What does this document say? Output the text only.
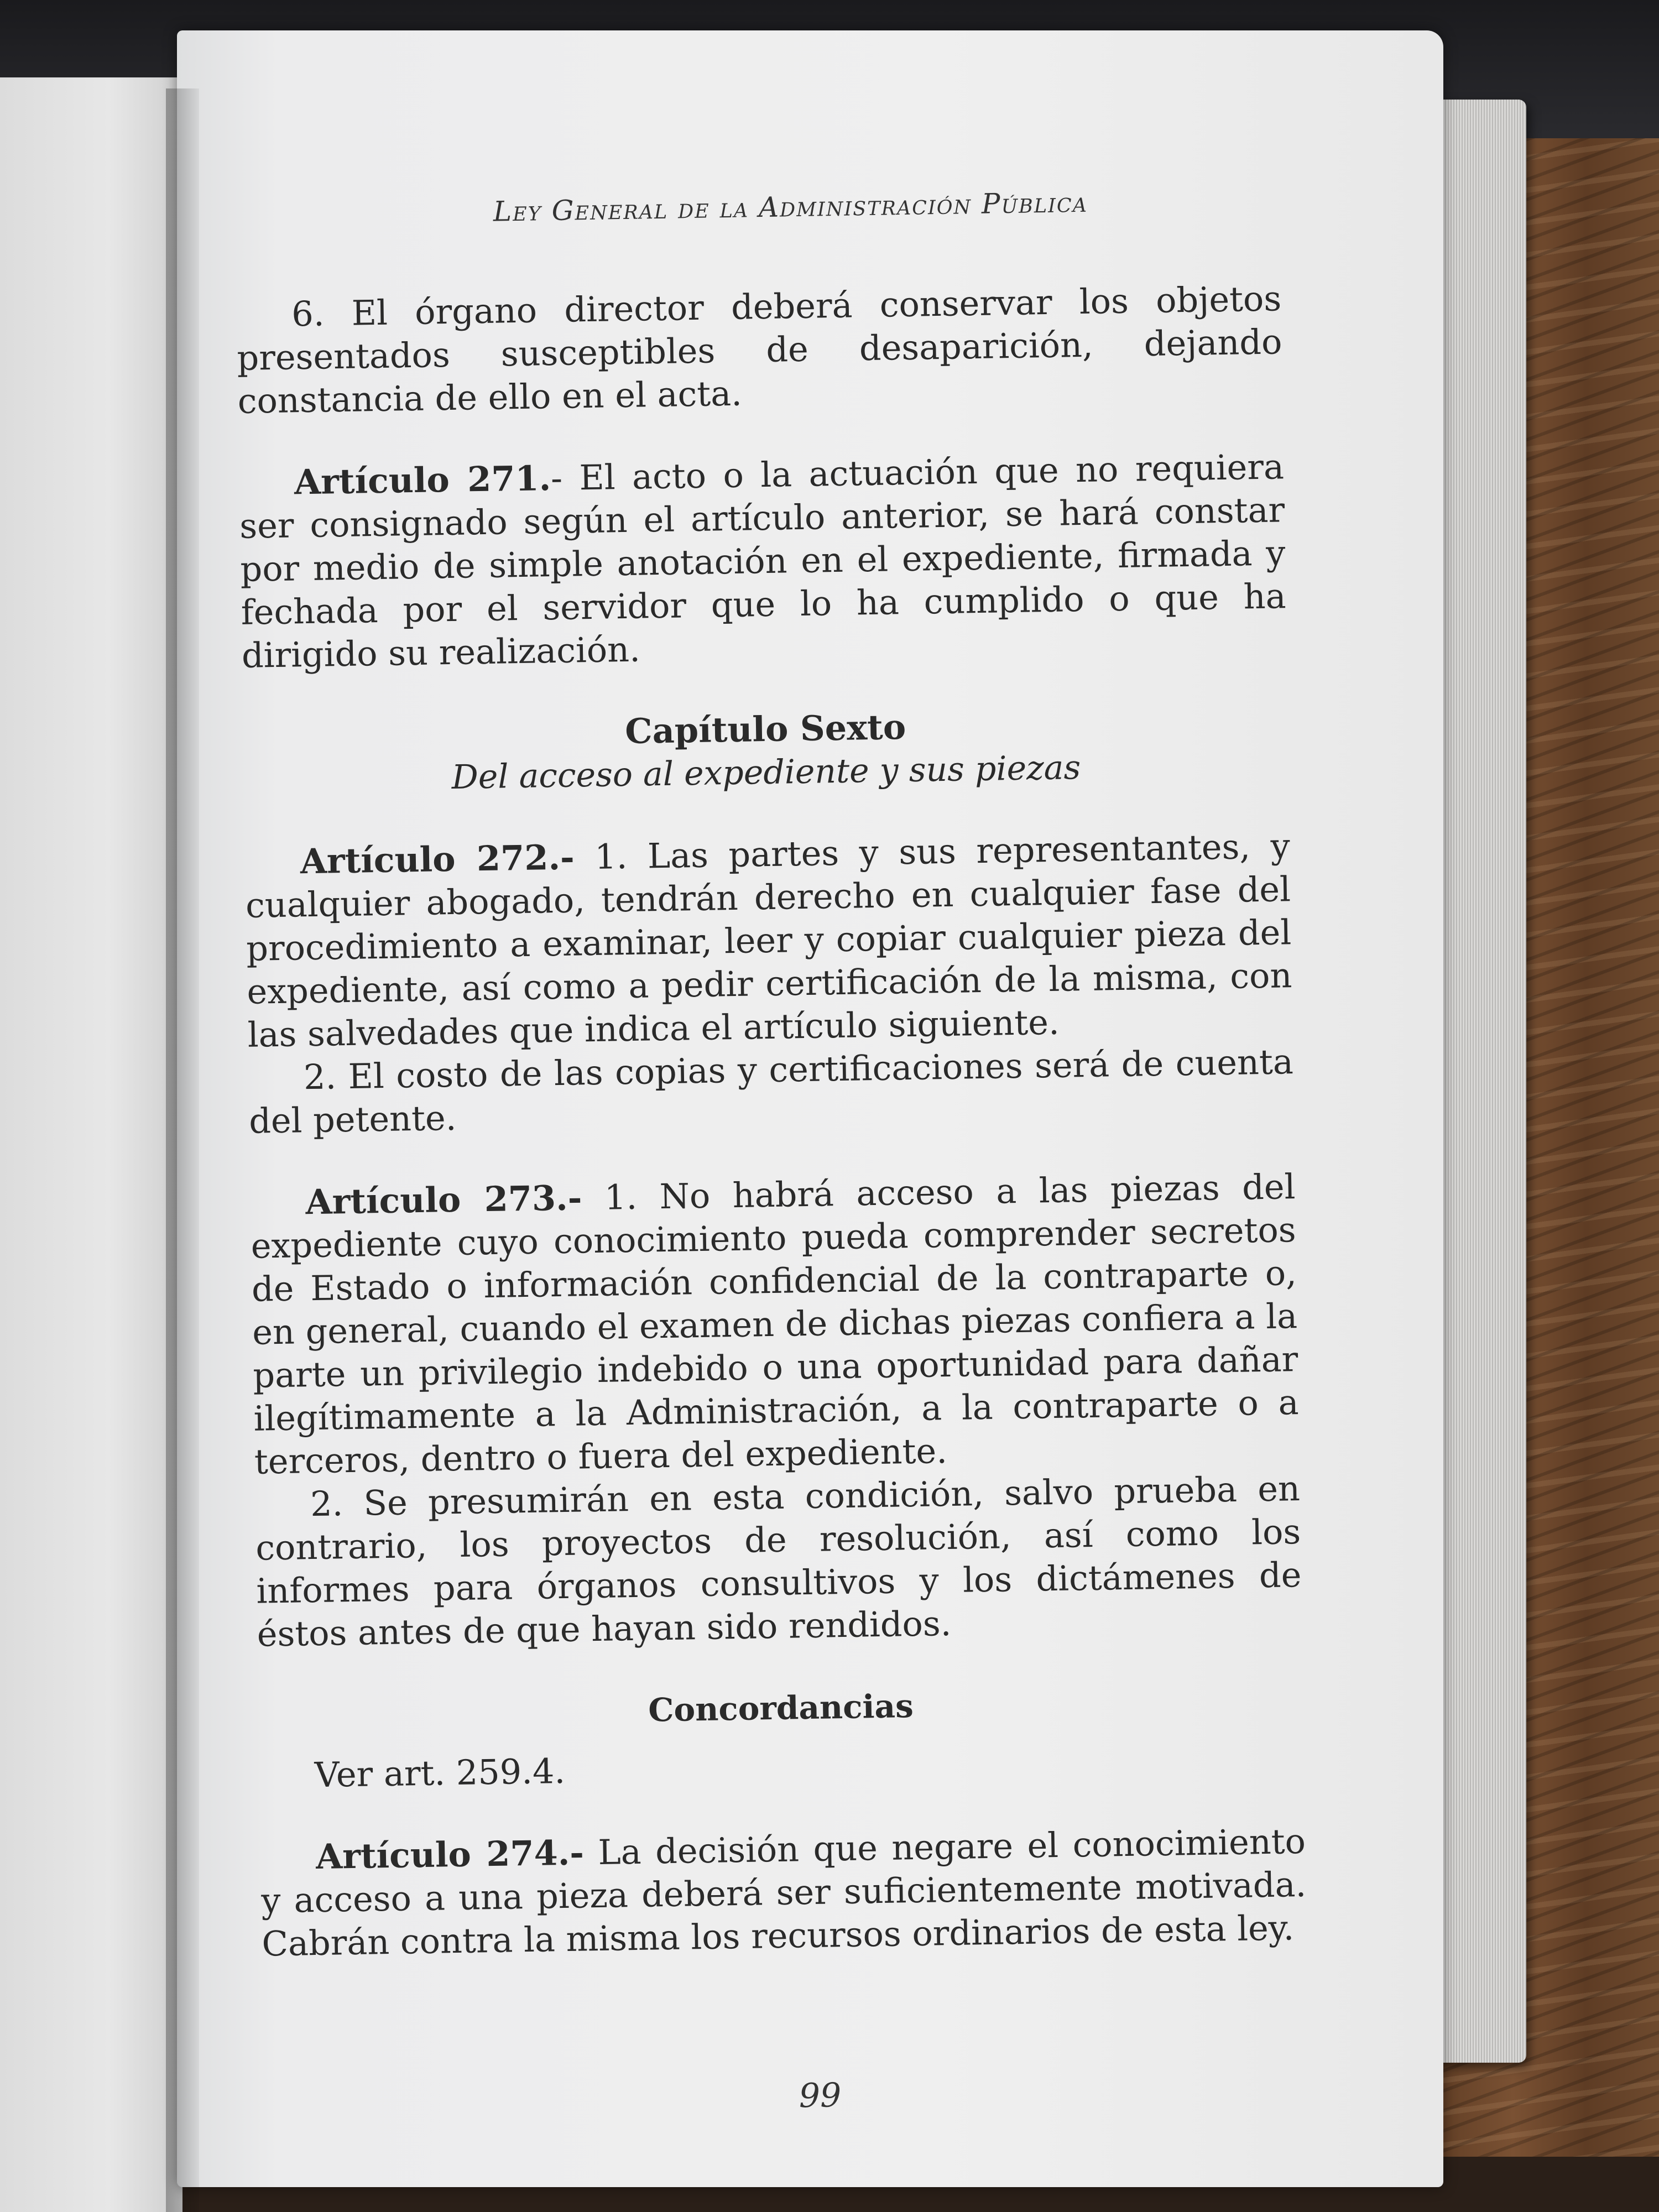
Ley General de la Administración Pública

6. El órgano director deberá conservar los objetos presentados susceptibles de desaparición, dejando constancia de ello en el acta.

Artículo 271.- El acto o la actuación que no requiera ser consignado según el artículo anterior, se hará constar por medio de simple anotación en el expediente, firmada y fechada por el servidor que lo ha cumplido o que ha dirigido su realización.

Capítulo Sexto

Del acceso al expediente y sus piezas

Artículo 272.- 1. Las partes y sus representantes, y cualquier abogado, tendrán derecho en cualquier fase del procedimiento a examinar, leer y copiar cualquier pieza del expediente, así como a pedir certificación de la misma, con las salvedades que indica el artículo siguiente.

2. El costo de las copias y certificaciones será de cuenta del petente.

Artículo 273.- 1. No habrá acceso a las piezas del expediente cuyo conocimiento pueda comprender secretos de Estado o información confidencial de la contraparte o, en general, cuando el examen de dichas piezas confiera a la parte un privilegio indebido o una oportunidad para dañar ilegítimamente a la Administración, a la contraparte o a terceros, dentro o fuera del expediente.

2. Se presumirán en esta condición, salvo prueba en contrario, los proyectos de resolución, así como los informes para órganos consultivos y los dictámenes de éstos antes de que hayan sido rendidos.

Concordancias

Ver art. 259.4.

Artículo 274.- La decisión que negare el conocimiento y acceso a una pieza deberá ser suficientemente motivada. Cabrán contra la misma los recursos ordinarios de esta ley.

99
